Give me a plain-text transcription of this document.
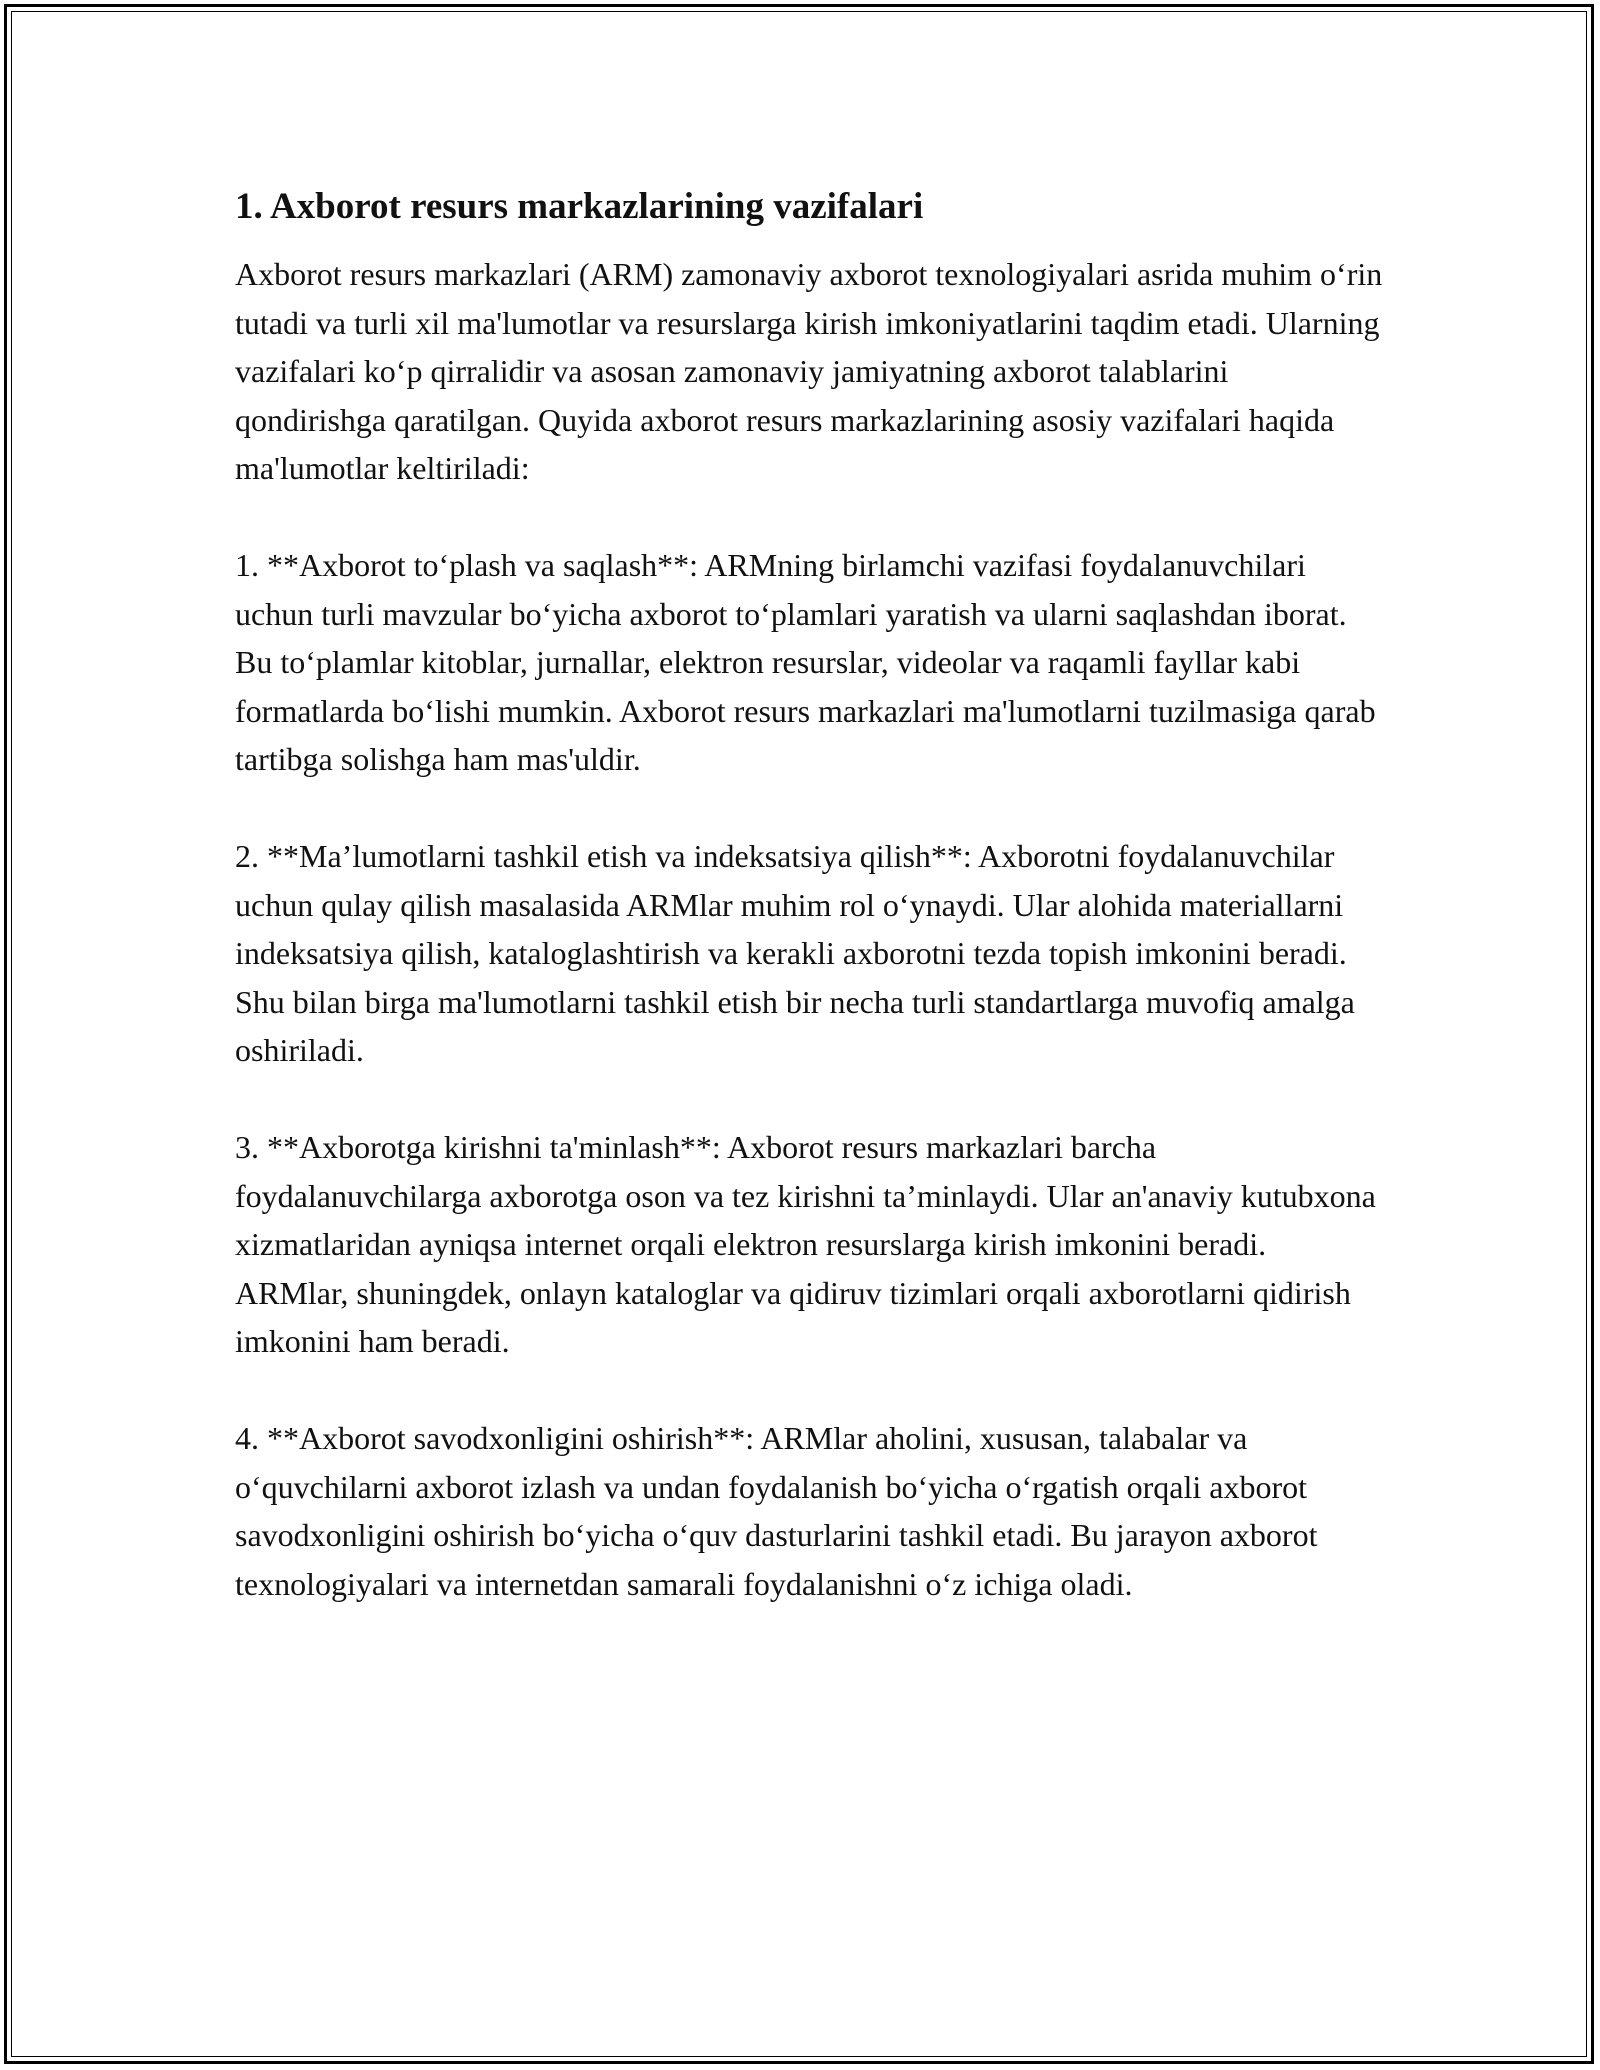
1. Axborot resurs markazlarining vazifalari

Axborot resurs markazlari (ARM) zamonaviy axborot texnologiyalari asrida muhim o‘rin tutadi va turli xil ma'lumotlar va resurslarga kirish imkoniyatlarini taqdim etadi. Ularning vazifalari ko‘p qirralidir va asosan zamonaviy jamiyatning axborot talablarini qondirishga qaratilgan. Quyida axborot resurs markazlarining asosiy vazifalari haqida ma'lumotlar keltiriladi:

1. **Axborot to‘plash va saqlash**: ARMning birlamchi vazifasi foydalanuvchilari uchun turli mavzular bo‘yicha axborot to‘plamlari yaratish va ularni saqlashdan iborat. Bu to‘plamlar kitoblar, jurnallar, elektron resurslar, videolar va raqamli fayllar kabi formatlarda bo‘lishi mumkin. Axborot resurs markazlari ma'lumotlarni tuzilmasiga qarab tartibga solishga ham mas'uldir.

2. **Ma’lumotlarni tashkil etish va indeksatsiya qilish**: Axborotni foydalanuvchilar uchun qulay qilish masalasida ARMlar muhim rol o‘ynaydi. Ular alohida materiallarni indeksatsiya qilish, kataloglashtirish va kerakli axborotni tezda topish imkonini beradi. Shu bilan birga ma'lumotlarni tashkil etish bir necha turli standartlarga muvofiq amalga oshiriladi.

3. **Axborotga kirishni ta'minlash**: Axborot resurs markazlari barcha foydalanuvchilarga axborotga oson va tez kirishni ta’minlaydi. Ular an'anaviy kutubxona xizmatlaridan ayniqsa internet orqali elektron resurslarga kirish imkonini beradi. ARMlar, shuningdek, onlayn kataloglar va qidiruv tizimlari orqali axborotlarni qidirish imkonini ham beradi.

4. **Axborot savodxonligini oshirish**: ARMlar aholini, xususan, talabalar va o‘quvchilarni axborot izlash va undan foydalanish bo‘yicha o‘rgatish orqali axborot savodxonligini oshirish bo‘yicha o‘quv dasturlarini tashkil etadi. Bu jarayon axborot texnologiyalari va internetdan samarali foydalanishni o‘z ichiga oladi.
